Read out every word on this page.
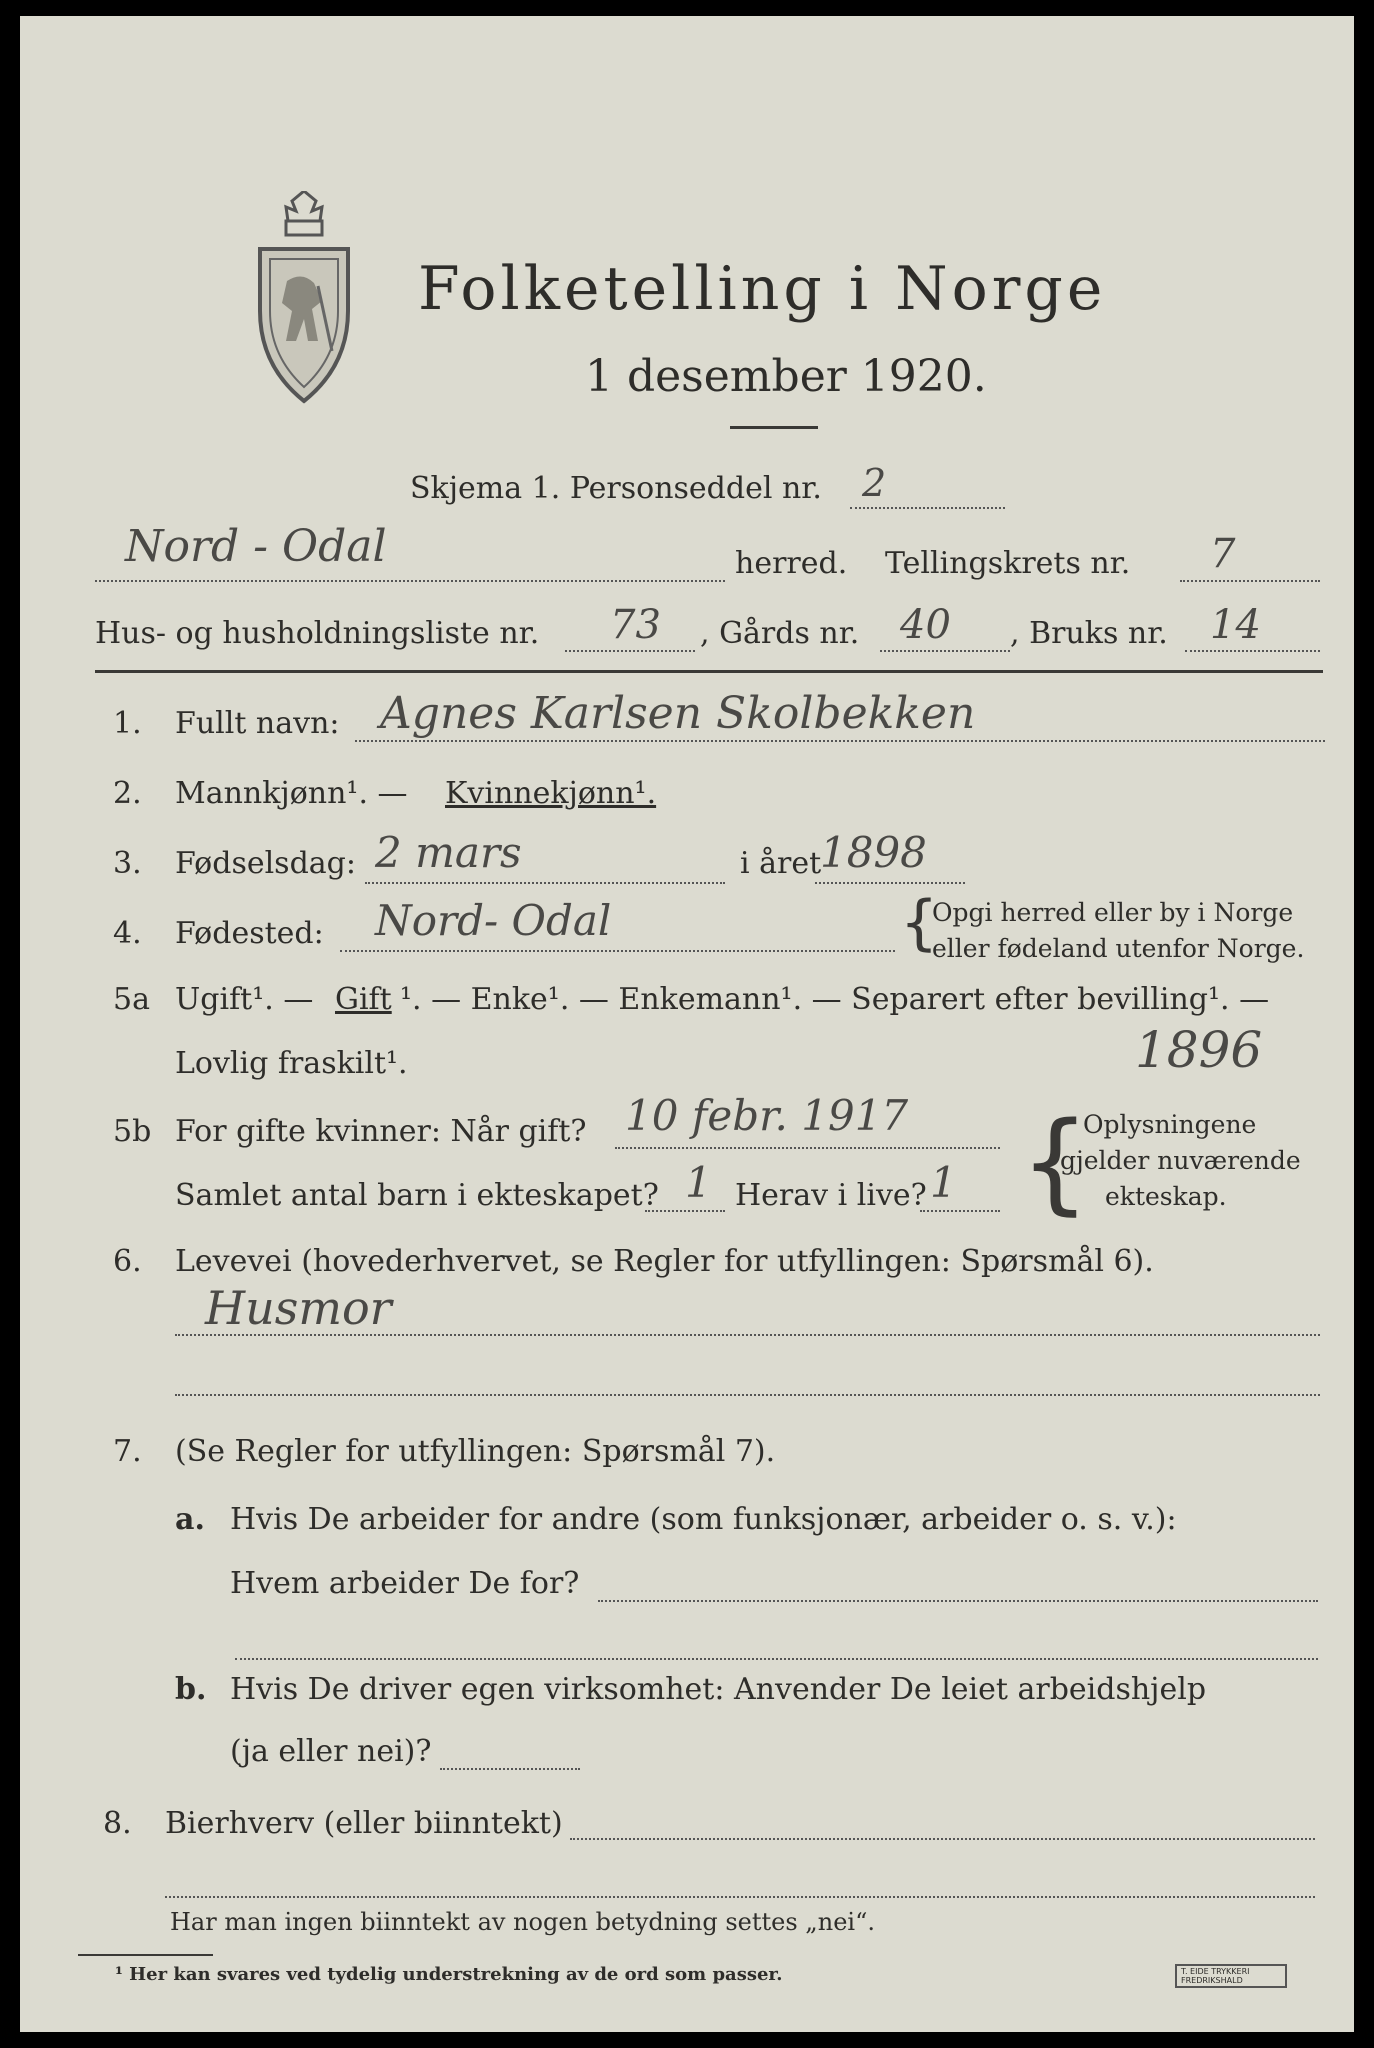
Folketelling i Norge
1 desember 1920.
Skjema 1. Personseddel nr. 2
Nord - Odal	herred. Tellingskrets nr. 7
Hus- og husholdningsliste nr. 73 , Gårds nr. 40 , Bruks nr. 14
1. Fullt navn: Agnes Karlsen Skolbekken
2. Mannkjønn¹. — Kvinnekjønn¹.
3. Fødselsdag: 2 mars	i året
1898
4. Fødested: Nord- Odal	{
Opgi herred eller by i Norge
eller fødeland utenfor Norge.
5a Ugift¹. — Gift ¹. — Enke¹. — Enkemann¹. — Separert efter bevilling¹. —
Lovlig fraskilt¹.	1896
5b For gifte kvinner: Når gift? 10 febr. 1917
Samlet antal barn i ekteskapet? 1 Herav i live? 1 {
Oplysningene
gjelder nuværende
ekteskap.
6. Levevei (hovederhvervet, se Regler for utfyllingen: Spørsmål 6).
Husmor
7. (Se Regler for utfyllingen: Spørsmål 7).
a. Hvis De arbeider for andre (som funksjonær, arbeider o. s. v.):
Hvem arbeider De for?
b. Hvis De driver egen virksomhet: Anvender De leiet arbeidshjelp
(ja eller nei)?
8. Bierhverv (eller biinntekt)
Har man ingen biinntekt av nogen betydning settes „nei“.
¹ Her kan svares ved tydelig understrekning av de ord som passer.	T. EIDE TRYKKERI FREDRIKSHALD
